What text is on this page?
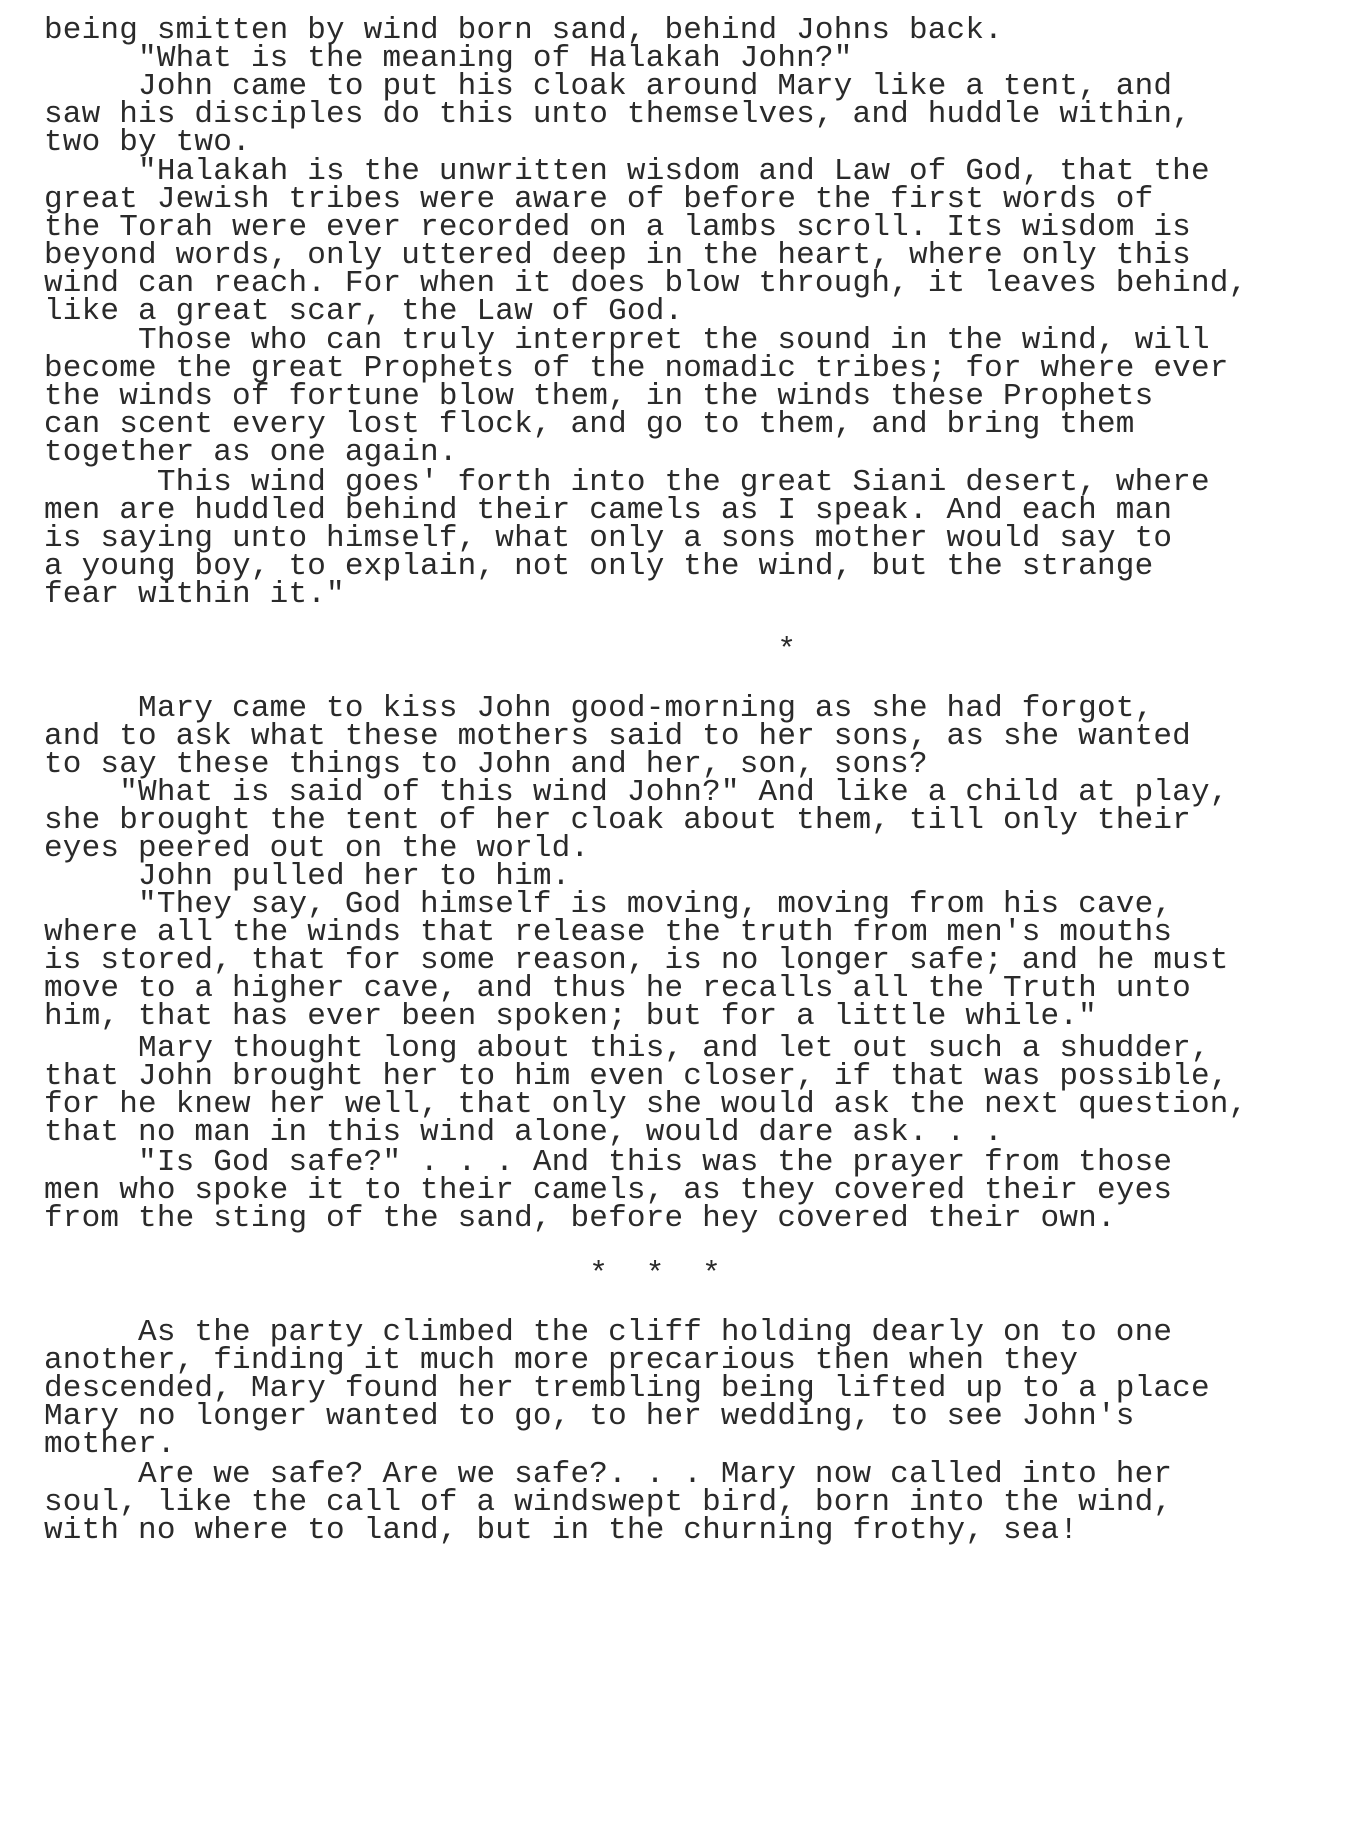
being smitten by wind born sand, behind Johns back.

"What is the meaning of Halakah John?"

John came to put his cloak around Mary like a tent, and

saw his disciples do this unto themselves, and huddle within,

two by two.

"Halakah is the unwritten wisdom and Law of God, that the

great Jewish tribes were aware of before the first words of

the Torah were ever recorded on a lambs scroll. Its wisdom is

beyond words, only uttered deep in the heart, where only this

wind can reach. For when it does blow through, it leaves behind,

like a great scar, the Law of God.

Those who can truly interpret the sound in the wind, will

become the great Prophets of the nomadic tribes; for where ever

the winds of fortune blow them, in the winds these Prophets

can scent every lost flock, and go to them, and bring them

together as one again.

This wind goes' forth into the great Siani desert, where

men are huddled behind their camels as I speak. And each man

is saying unto himself, what only a sons mother would say to

a young boy, to explain, not only the wind, but the strange

fear within it."

*

Mary came to kiss John good-morning as she had forgot,

and to ask what these mothers said to her sons, as she wanted

to say these things to John and her, son, sons?

"What is said of this wind John?" And like a child at play,

she brought the tent of her cloak about them, till only their

eyes peered out on the world.

John pulled her to him.

"They say, God himself is moving, moving from his cave,

where all the winds that release the truth from men's mouths

is stored, that for some reason, is no longer safe; and he must

move to a higher cave, and thus he recalls all the Truth unto

him, that has ever been spoken; but for a little while."

Mary thought long about this, and let out such a shudder,

that John brought her to him even closer, if that was possible,

for he knew her well, that only she would ask the next question,

that no man in this wind alone, would dare ask. . .

"Is God safe?" . . . And this was the prayer from those

men who spoke it to their camels, as they covered their eyes

from the sting of the sand, before hey covered their own.

*  *  *

As the party climbed the cliff holding dearly on to one

another, finding it much more precarious then when they

descended, Mary found her trembling being lifted up to a place

Mary no longer wanted to go, to her wedding, to see John's

mother.

Are we safe? Are we safe?. . . Mary now called into her

soul, like the call of a windswept bird, born into the wind,

with no where to land, but in the churning frothy, sea!
